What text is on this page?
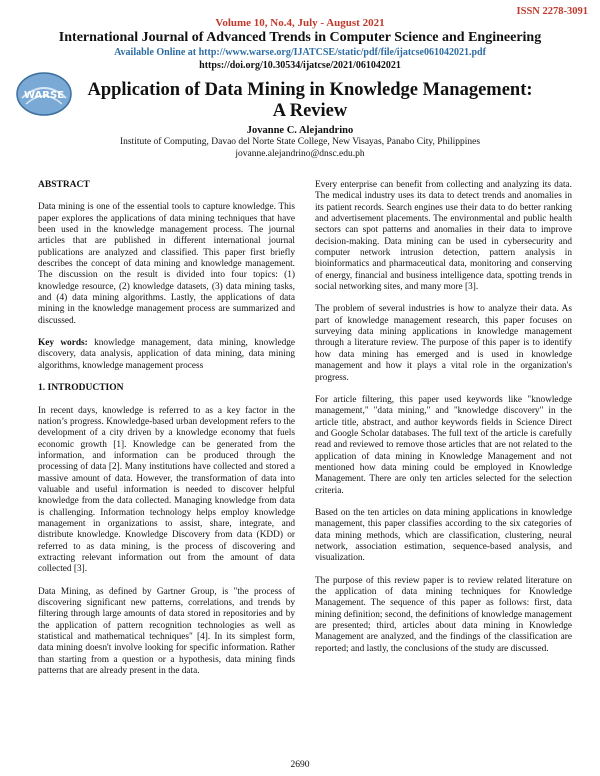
ISSN 2278-3091
Volume 10, No.4, July - August 2021
International Journal of Advanced Trends in Computer Science and Engineering
Available Online at http://www.warse.org/IJATCSE/static/pdf/file/ijatcse061042021.pdf
https://doi.org/10.30534/ijatcse/2021/061042021
WARSE	Application of Data Mining in Knowledge Management:
A Review
Jovanne C. Alejandrino
Institute of Computing, Davao del Norte State College, New Visayas, Panabo City, Philippines
jovanne.alejandrino@dnsc.edu.ph
ABSTRACT

Data mining is one of the essential tools to capture knowledge. This paper explores the applications of data mining techniques that have been used in the knowledge management process. The journal articles that are published in different international journal publications are analyzed and classified. This paper first briefly describes the concept of data mining and knowledge management. The discussion on the result is divided into four topics: (1) knowledge resource, (2) knowledge datasets, (3) data mining tasks, and (4) data mining algorithms. Lastly, the applications of data mining in the knowledge management process are summarized and discussed.

Key words: knowledge management, data mining, knowledge discovery, data analysis, application of data mining, data mining algorithms, knowledge management process

1. INTRODUCTION

In recent days, knowledge is referred to as a key factor in the nation’s progress. Knowledge-based urban development refers to the development of a city driven by a knowledge economy that fuels economic growth [1]. Knowledge can be generated from the information, and information can be produced through the processing of data [2]. Many institutions have collected and stored a massive amount of data. However, the transformation of data into valuable and useful information is needed to discover helpful knowledge from the data collected. Managing knowledge from data is challenging. Information technology helps employ knowledge management in organizations to assist, share, integrate, and distribute knowledge. Knowledge Discovery from data (KDD) or referred to as data mining, is the process of discovering and extracting relevant information out from the amount of data collected [3].

Data Mining, as defined by Gartner Group, is "the process of discovering significant new patterns, correlations, and trends by filtering through large amounts of data stored in repositories and by the application of pattern recognition technologies as well as statistical and mathematical techniques" [4]. In its simplest form, data mining doesn't involve looking for specific information. Rather than starting from a question or a hypothesis, data mining finds patterns that are already present in the data.

Every enterprise can benefit from collecting and analyzing its data. The medical industry uses its data to detect trends and anomalies in its patient records. Search engines use their data to do better ranking and advertisement placements. The environmental and public health sectors can spot patterns and anomalies in their data to improve decision-making. Data mining can be used in cybersecurity and computer network intrusion detection, pattern analysis in bioinformatics and pharmaceutical data, monitoring and conserving of energy, financial and business intelligence data, spotting trends in social networking sites, and many more [3].

The problem of several industries is how to analyze their data. As part of knowledge management research, this paper focuses on surveying data mining applications in knowledge management through a literature review. The purpose of this paper is to identify how data mining has emerged and is used in knowledge management and how it plays a vital role in the organization's progress.

For article filtering, this paper used keywords like "knowledge management," "data mining," and "knowledge discovery" in the article title, abstract, and author keywords fields in Science Direct and Google Scholar databases. The full text of the article is carefully read and reviewed to remove those articles that are not related to the application of data mining in Knowledge Management and not mentioned how data mining could be employed in Knowledge Management. There are only ten articles selected for the selection criteria.

Based on the ten articles on data mining applications in knowledge management, this paper classifies according to the six categories of data mining methods, which are classification, clustering, neural network, association estimation, sequence-based analysis, and visualization.

The purpose of this review paper is to review related literature on the application of data mining techniques for Knowledge Management. The sequence of this paper as follows: first, data mining definition; second, the definitions of knowledge management are presented; third, articles about data mining in Knowledge Management are analyzed, and the findings of the classification are reported; and lastly, the conclusions of the study are discussed.

2690
